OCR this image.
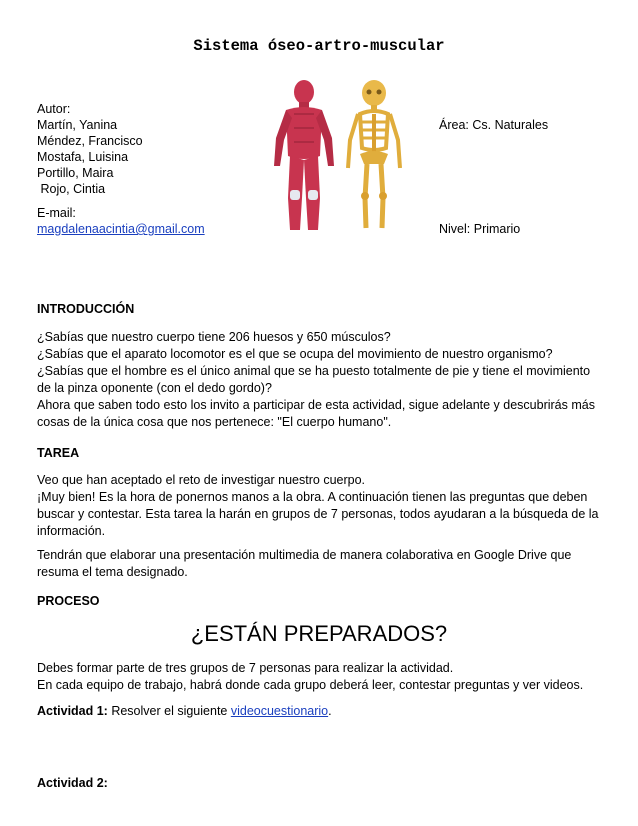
Sistema óseo-artro-muscular
Autor:
Martín, Yanina
Méndez, Francisco
Mostafa, Luisina
Portillo, Maira
Rojo, Cintia
E-mail:
magdalenaacintia@gmail.com
Área: Cs. Naturales
Nivel: Primario
INTRODUCCIÓN
¿Sabías que nuestro cuerpo tiene 206 huesos y 650 músculos?
¿Sabías que el aparato locomotor es el que se ocupa del movimiento de nuestro organismo?
¿Sabías que el hombre es el único animal que se ha puesto totalmente de pie y tiene el movimiento
de la pinza oponente (con el dedo gordo)?
Ahora que saben todo esto los invito a participar de esta actividad, sigue adelante y descubrirás más
cosas de la única cosa que nos pertenece: "El cuerpo humano".
TAREA
Veo que han aceptado el reto de investigar nuestro cuerpo.
¡Muy bien! Es la hora de ponernos manos a la obra. A continuación tienen las preguntas que deben
buscar y contestar. Esta tarea la harán en grupos de 7 personas, todos ayudaran a la búsqueda de la
información.
Tendrán que elaborar una presentación multimedia de manera colaborativa en Google Drive que
resuma el tema designado.
PROCESO
¿ESTÁN PREPARADOS?
Debes formar parte de tres grupos de 7 personas para realizar la actividad.
En cada equipo de trabajo, habrá donde cada grupo deberá leer, contestar preguntas y ver videos.
Actividad 1: Resolver el siguiente videocuestionario.
Actividad 2:
